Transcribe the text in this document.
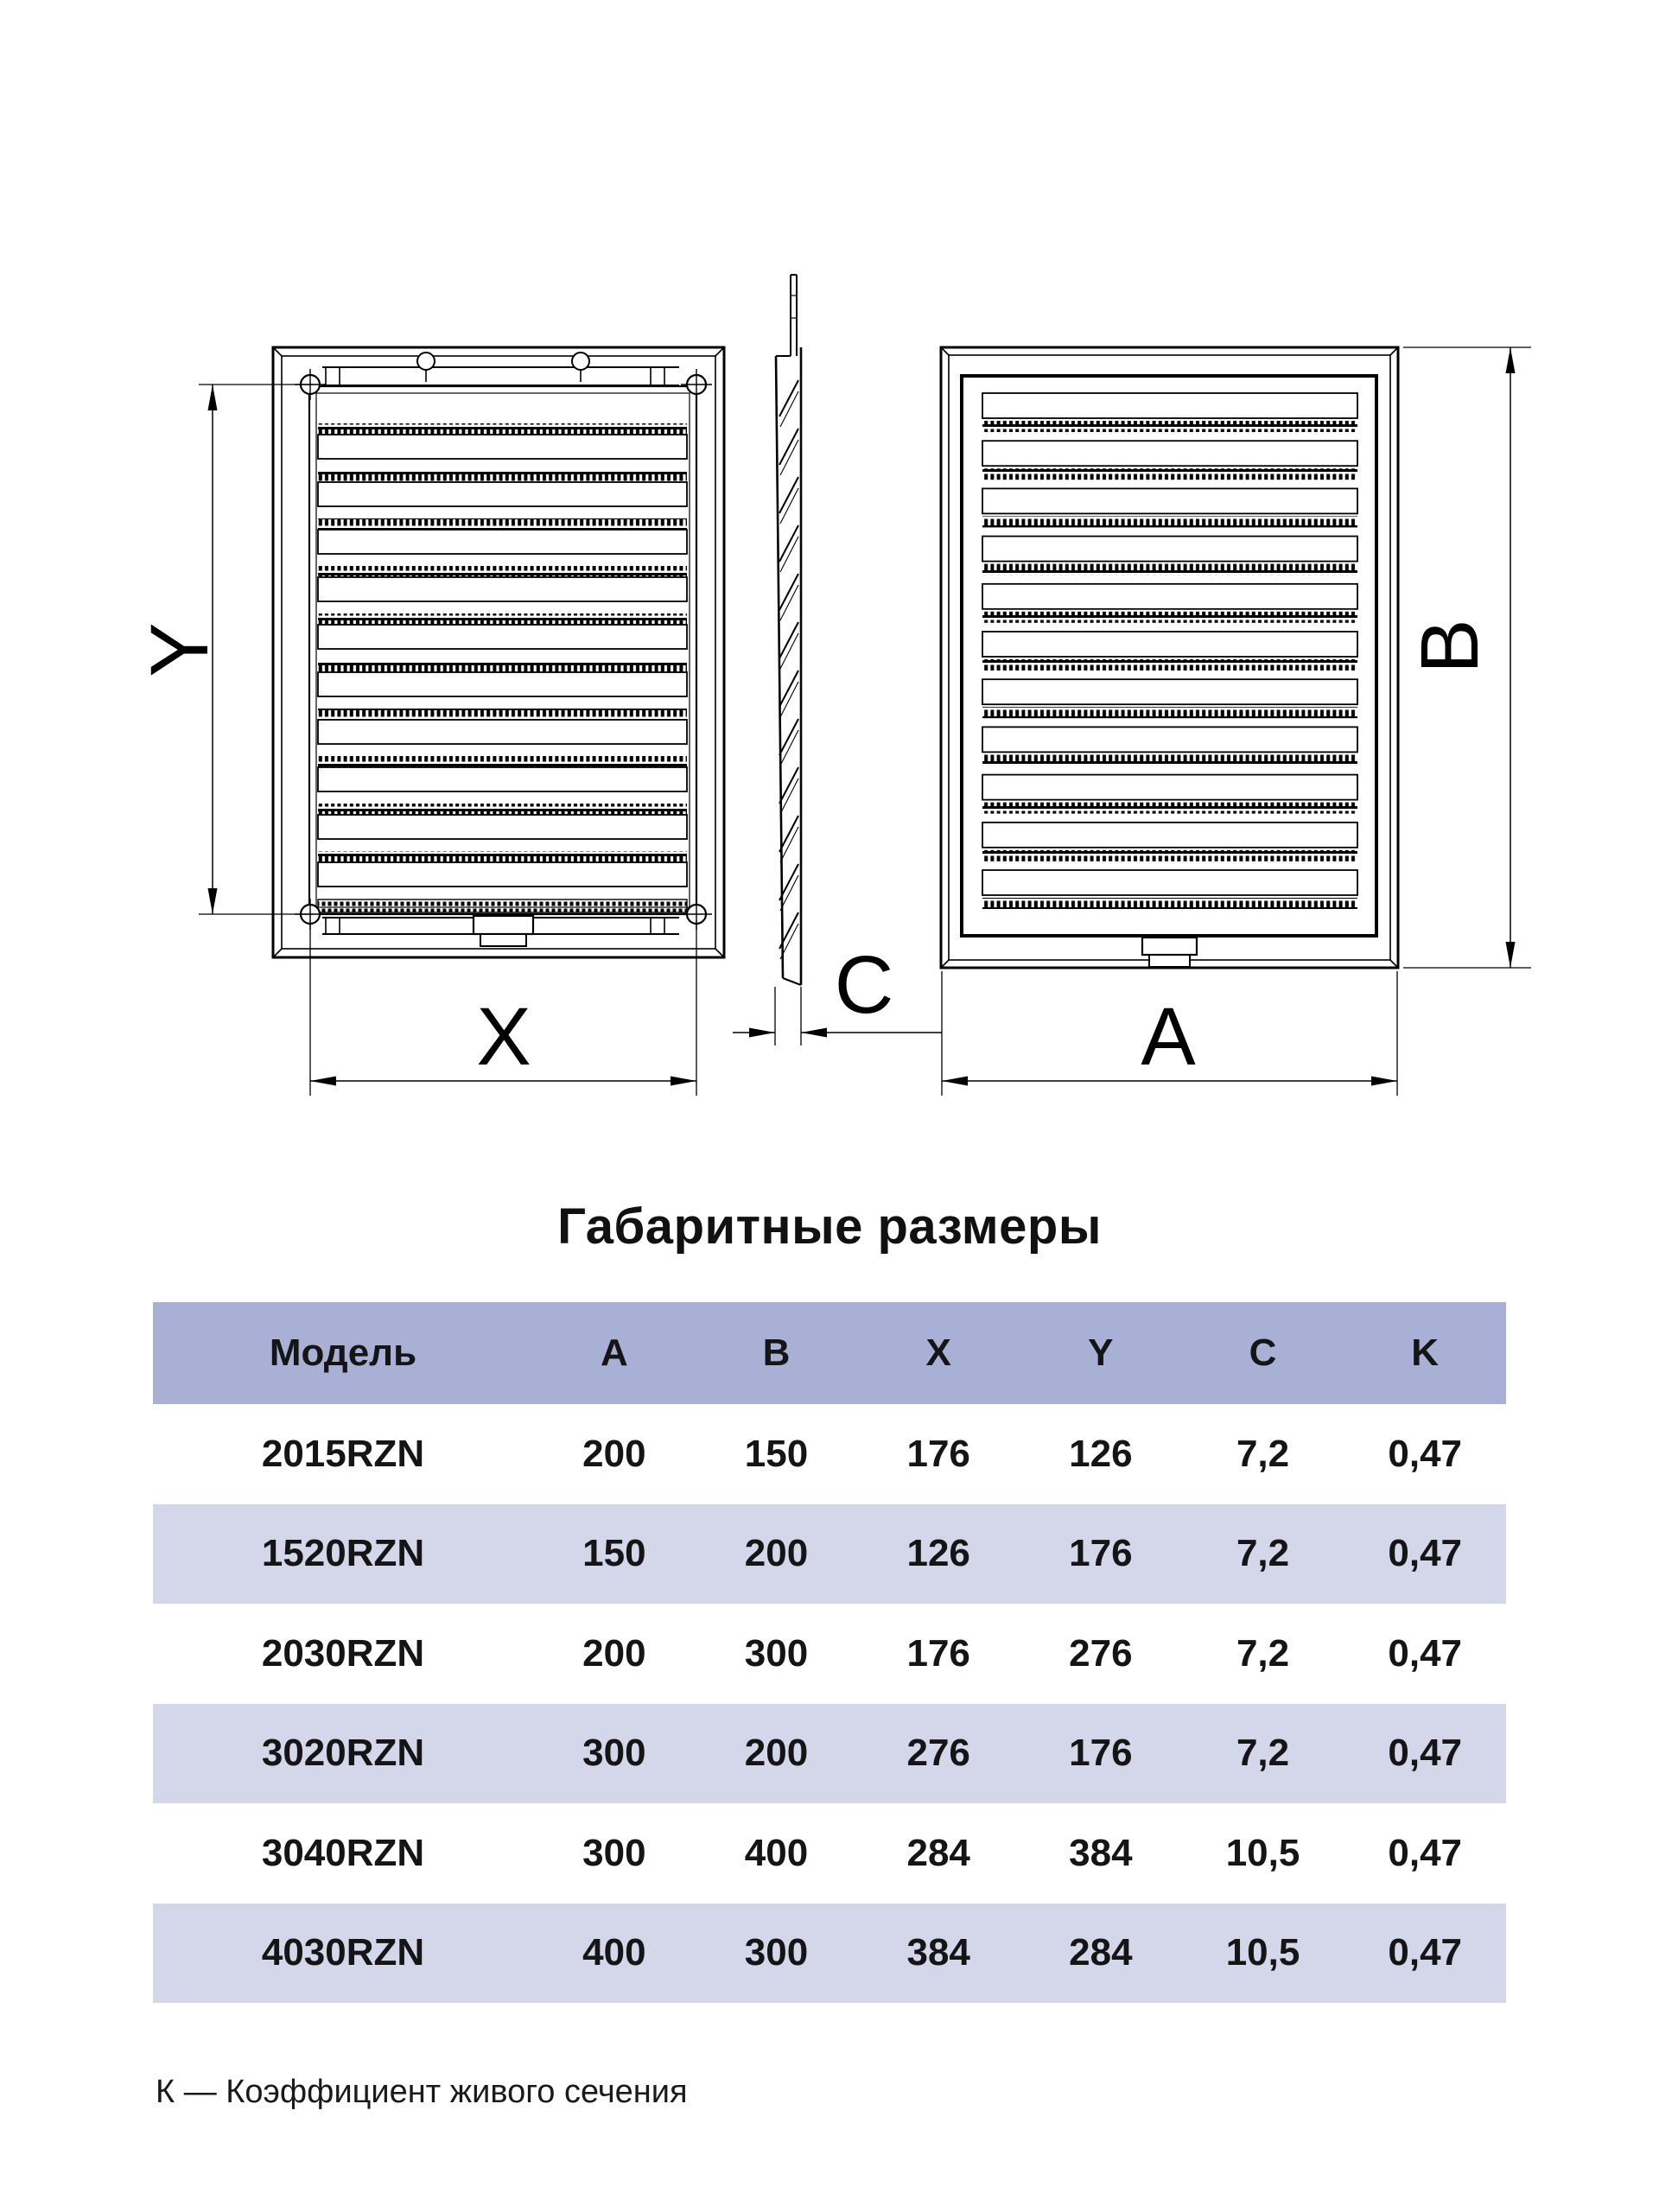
Y
X
C
A
B
Габаритные размеры
Модель	A	B	X	Y	C	K
2015RZN	200	150	176	126	7,2	0,47
1520RZN	150	200	126	176	7,2	0,47
2030RZN	200	300	176	276	7,2	0,47
3020RZN	300	200	276	176	7,2	0,47
3040RZN	300	400	284	384	10,5	0,47
4030RZN	400	300	384	284	10,5	0,47
К — Коэффициент живого сечения
